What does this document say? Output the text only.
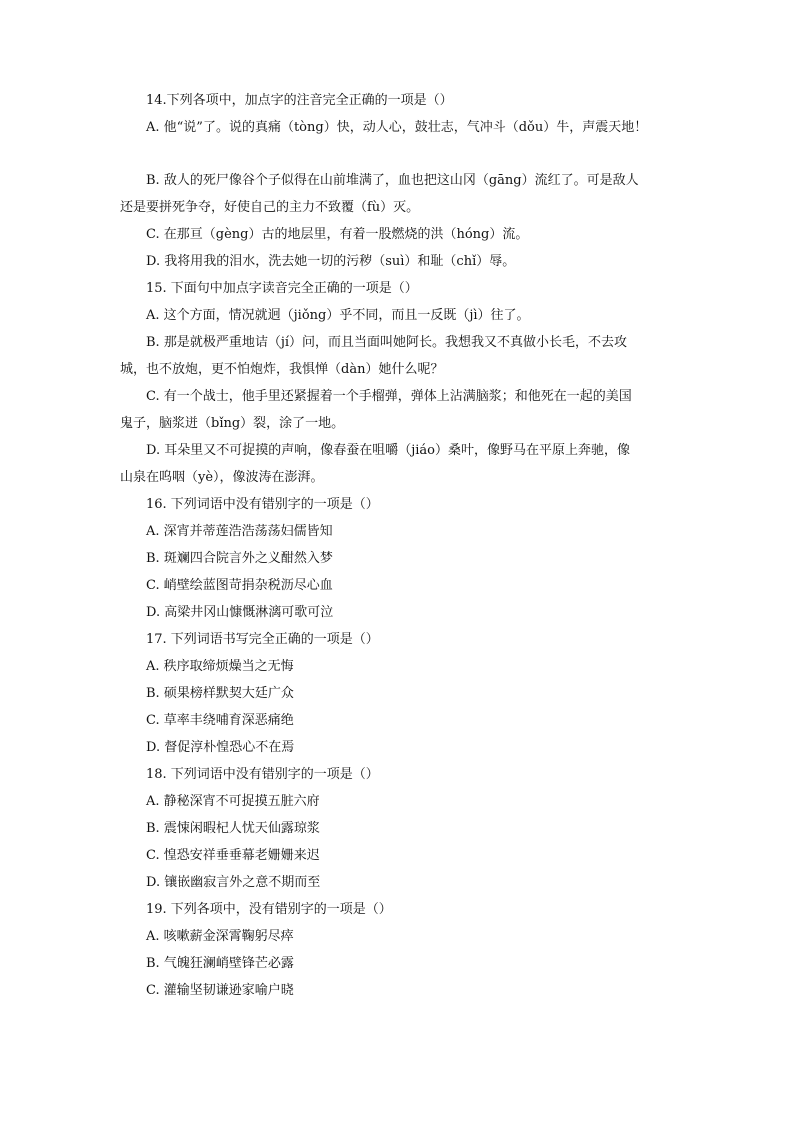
14.下列各项中，加点字的注音完全正确的一项是（）
A. 他“说”了。说的真痛（tòng）快，动人心，鼓壮志，气冲斗（dǒu）牛，声震天地！
B. 敌人的死尸像谷个子似得在山前堆满了，血也把这山冈（gāng）流红了。可是敌人
还是要拼死争夺，好使自己的主力不致覆（fù）灭。
C. 在那亘（gèng）古的地层里，有着一股燃烧的洪（hóng）流。
D. 我将用我的泪水，洗去她一切的污秽（suì）和耻（chǐ）辱。
15. 下面句中加点字读音完全正确的一项是（）
A. 这个方面，情况就迥（jiǒng）乎不同，而且一反既（jì）往了。
B. 那是就极严重地诘（jí）问，而且当面叫她阿长。我想我又不真做小长毛，不去攻
城，也不放炮，更不怕炮炸，我惧惮（dàn）她什么呢？
C. 有一个战士，他手里还紧握着一个手榴弹，弹体上沾满脑浆；和他死在一起的美国
鬼子，脑浆迸（bǐng）裂，涂了一地。
D. 耳朵里又不可捉摸的声响，像春蚕在咀嚼（jiáo）桑叶，像野马在平原上奔驰，像
山泉在呜咽（yè），像波涛在澎湃。
16. 下列词语中没有错别字的一项是（）
A. 深宵并蒂莲浩浩荡荡妇儒皆知
B. 斑斓四合院言外之义酣然入梦
C. 峭壁绘蓝图苛捐杂税沥尽心血
D. 高梁井冈山慷慨淋漓可歌可泣
17. 下列词语书写完全正确的一项是（）
A. 秩序取缔烦燥当之无悔
B. 硕果榜样默契大廷广众
C. 草率丰绕哺育深恶痛绝
D. 督促淳朴惶恐心不在焉
18. 下列词语中没有错别字的一项是（）
A. 静秘深宵不可捉摸五脏六府
B. 震悚闲暇杞人忧天仙露琼浆
C. 惶恐安祥垂垂幕老姗姗来迟
D. 镶嵌幽寂言外之意不期而至
19. 下列各项中，没有错别字的一项是（）
A. 咳嗽薪金深霄鞠躬尽瘁
B. 气魄狂澜峭壁锋芒必露
C. 灌输坚韧谦逊家喻户晓
